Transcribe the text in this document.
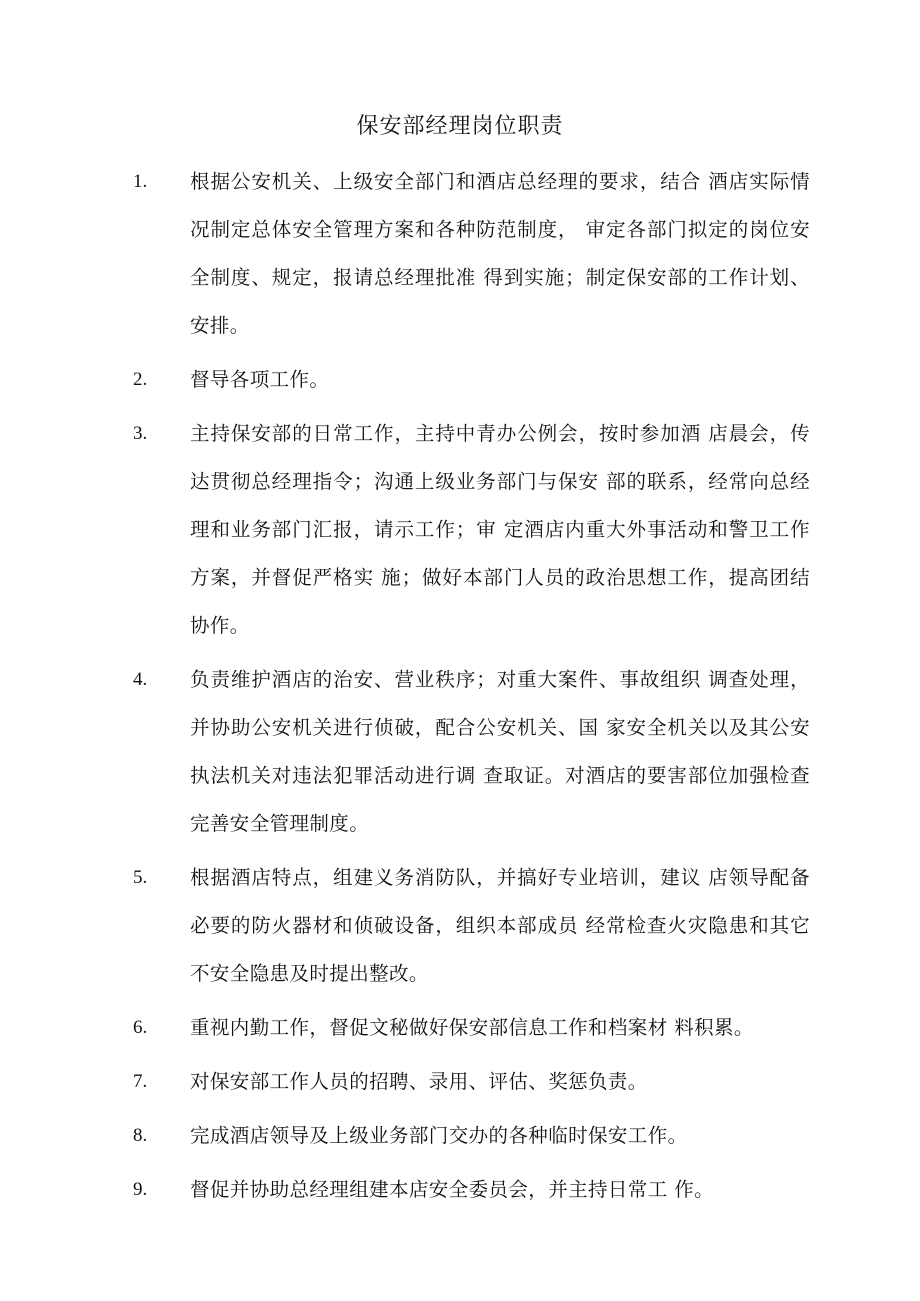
保安部经理岗位职责
1.	根据公安机关、上级安全部门和酒店总经理的要求，结合 酒店实际情况制定总体安全管理方案和各种防范制度， 审定各部门拟定的岗位安全制度、规定，报请总经理批准 得到实施；制定保安部的工作计划、安排。
2.	督导各项工作。
3.	主持保安部的日常工作，主持中青办公例会，按时参加酒 店晨会，传达贯彻总经理指令；沟通上级业务部门与保安 部的联系，经常向总经理和业务部门汇报，请示工作；审 定酒店内重大外事活动和警卫工作方案，并督促严格实 施；做好本部门人员的政治思想工作，提高团结协作。
4.	负责维护酒店的治安、营业秩序；对重大案件、事故组织 调查处理，并协助公安机关进行侦破，配合公安机关、国 家安全机关以及其公安执法机关对违法犯罪活动进行调 查取证。对酒店的要害部位加强检查完善安全管理制度。
5.	根据酒店特点，组建义务消防队，并搞好专业培训，建议 店领导配备必要的防火器材和侦破设备，组织本部成员 经常检查火灾隐患和其它不安全隐患及时提出整改。
6.	重视内勤工作，督促文秘做好保安部信息工作和档案材 料积累。
7.	对保安部工作人员的招聘、录用、评估、奖惩负责。
8.	完成酒店领导及上级业务部门交办的各种临时保安工作。
9.	督促并协助总经理组建本店安全委员会，并主持日常工 作。
